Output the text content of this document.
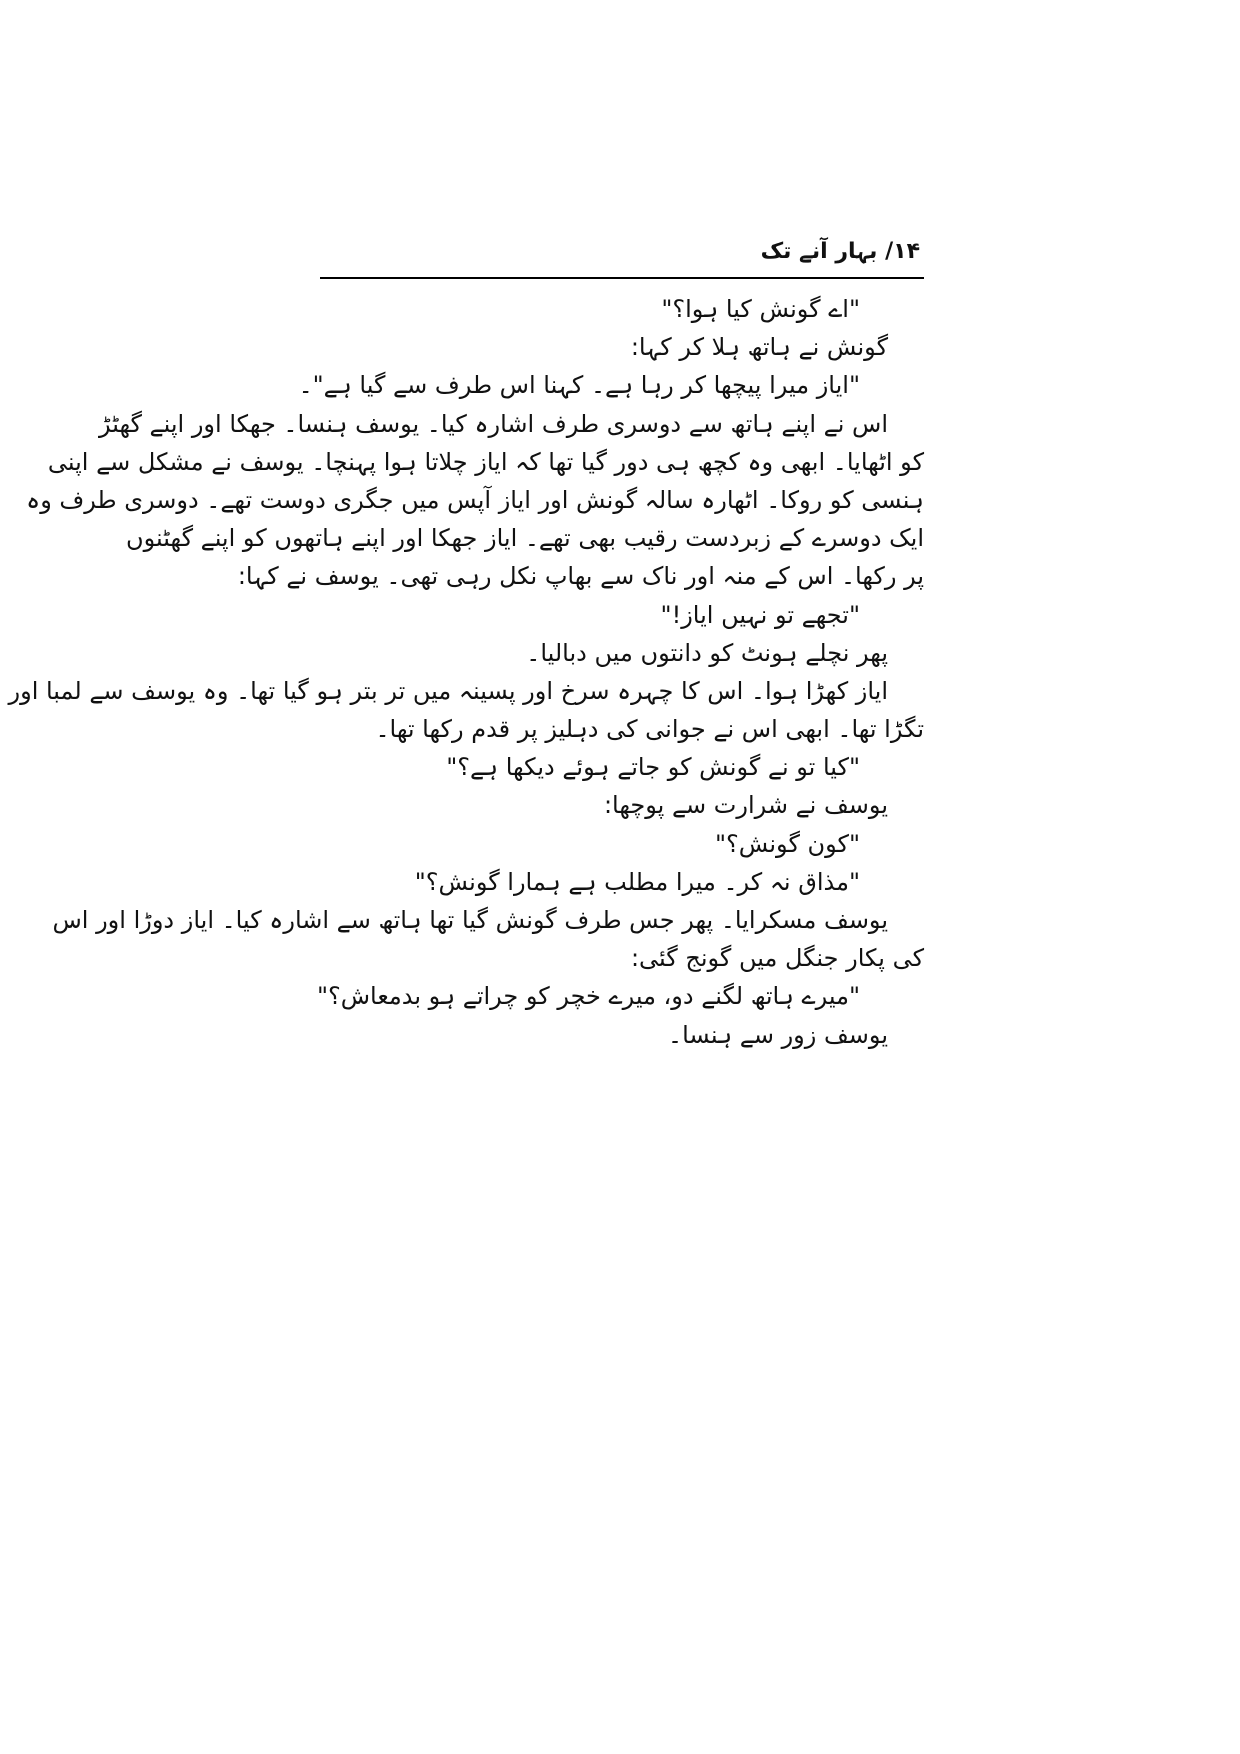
۱۴/ بہار آنے تک
"اے گونش کیا ہوا؟"
گونش نے ہاتھ ہلا کر کہا:
"ایاز میرا پیچھا کر رہا ہے۔ کہنا اس طرف سے گیا ہے"۔
اس نے اپنے ہاتھ سے دوسری طرف اشارہ کیا۔ یوسف ہنسا۔ جھکا اور اپنے گھٹڑ
کو اٹھایا۔ ابھی وہ کچھ ہی دور گیا تھا کہ ایاز چلاتا ہوا پہنچا۔ یوسف نے مشکل سے اپنی
ہنسی کو روکا۔ اٹھارہ سالہ گونش اور ایاز آپس میں جگری دوست تھے۔ دوسری طرف وہ
ایک دوسرے کے زبردست رقیب بھی تھے۔ ایاز جھکا اور اپنے ہاتھوں کو اپنے گھٹنوں
پر رکھا۔ اس کے منہ اور ناک سے بھاپ نکل رہی تھی۔ یوسف نے کہا:
"تجھے تو نہیں ایاز!"
پھر نچلے ہونٹ کو دانتوں میں دبالیا۔
ایاز کھڑا ہوا۔ اس کا چہرہ سرخ اور پسینہ میں تر بتر ہو گیا تھا۔ وہ یوسف سے لمبا اور
تگڑا تھا۔ ابھی اس نے جوانی کی دہلیز پر قدم رکھا تھا۔
"کیا تو نے گونش کو جاتے ہوئے دیکھا ہے؟"
یوسف نے شرارت سے پوچھا:
"کون گونش؟"
"مذاق نہ کر۔ میرا مطلب ہے ہمارا گونش؟"
یوسف مسکرایا۔ پھر جس طرف گونش گیا تھا ہاتھ سے اشارہ کیا۔ ایاز دوڑا اور اس
کی پکار جنگل میں گونج گئی:
"میرے ہاتھ لگنے دو، میرے خچر کو چراتے ہو بدمعاش؟"
یوسف زور سے ہنسا۔
